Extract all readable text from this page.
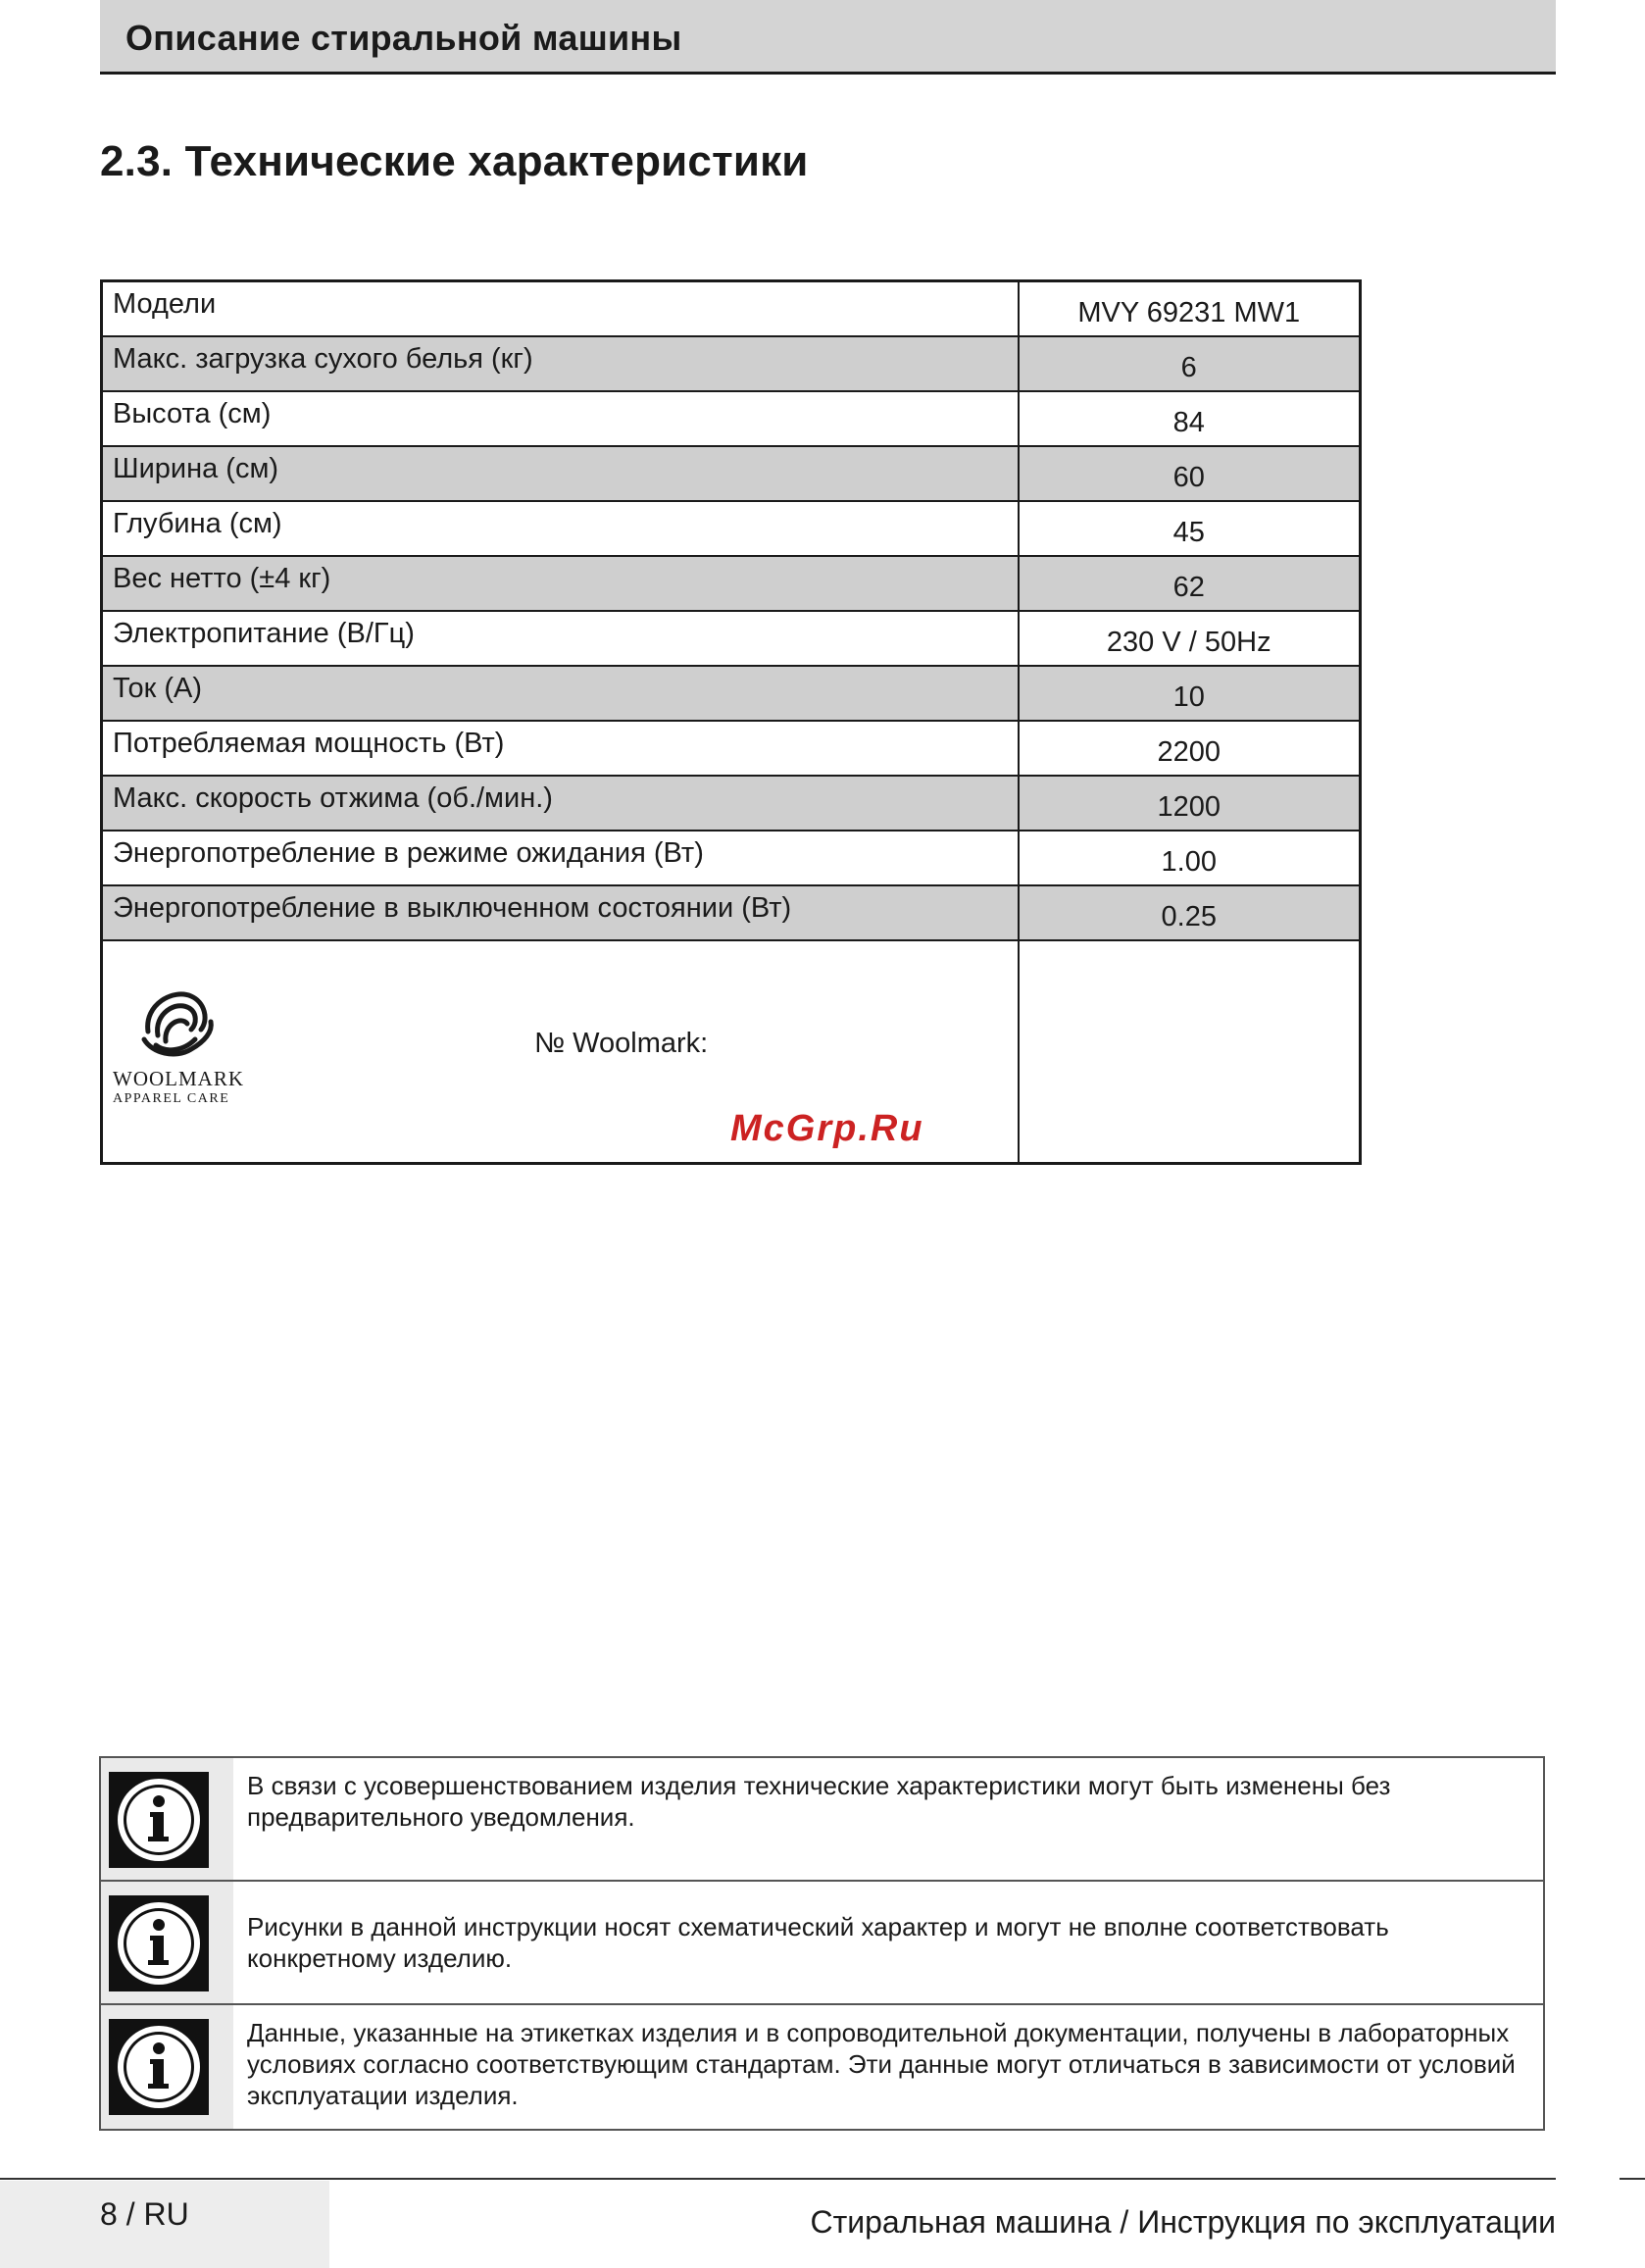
Описание стиральной машины
2.3. Технические характеристики
Модели	MVY 69231 MW1
Макс. загрузка сухого белья (кг)	6
Высота (см)	84
Ширина (см)	60
Глубина (см)	45
Вес нетто (±4 кг)	62
Электропитание (В/Гц)	230 V / 50Hz
Ток (А)	10
Потребляемая мощность (Вт)	2200
Макс. скорость отжима (об./мин.)	1200
Энергопотребление в режиме ожидания (Вт)	1.00
Энергопотребление в выключенном состоянии (Вт)	0.25

WOOLMARK
APPAREL CARE
№ Woolmark:	

McGrp.Ru
В связи с усовершенствованием изделия технические характеристики могут быть изменены без предварительного уведомления.
Рисунки в данной инструкции носят схематический характер и могут не вполне соответствовать конкретному изделию.
Данные, указанные на этикетках изделия и в сопроводительной документации, получены в лабораторных условиях согласно соответствующим стандартам. Эти данные могут отличаться в зависимости от условий эксплуатации изделия.
8 / RU	Стиральная машина / Инструкция по эксплуатации
